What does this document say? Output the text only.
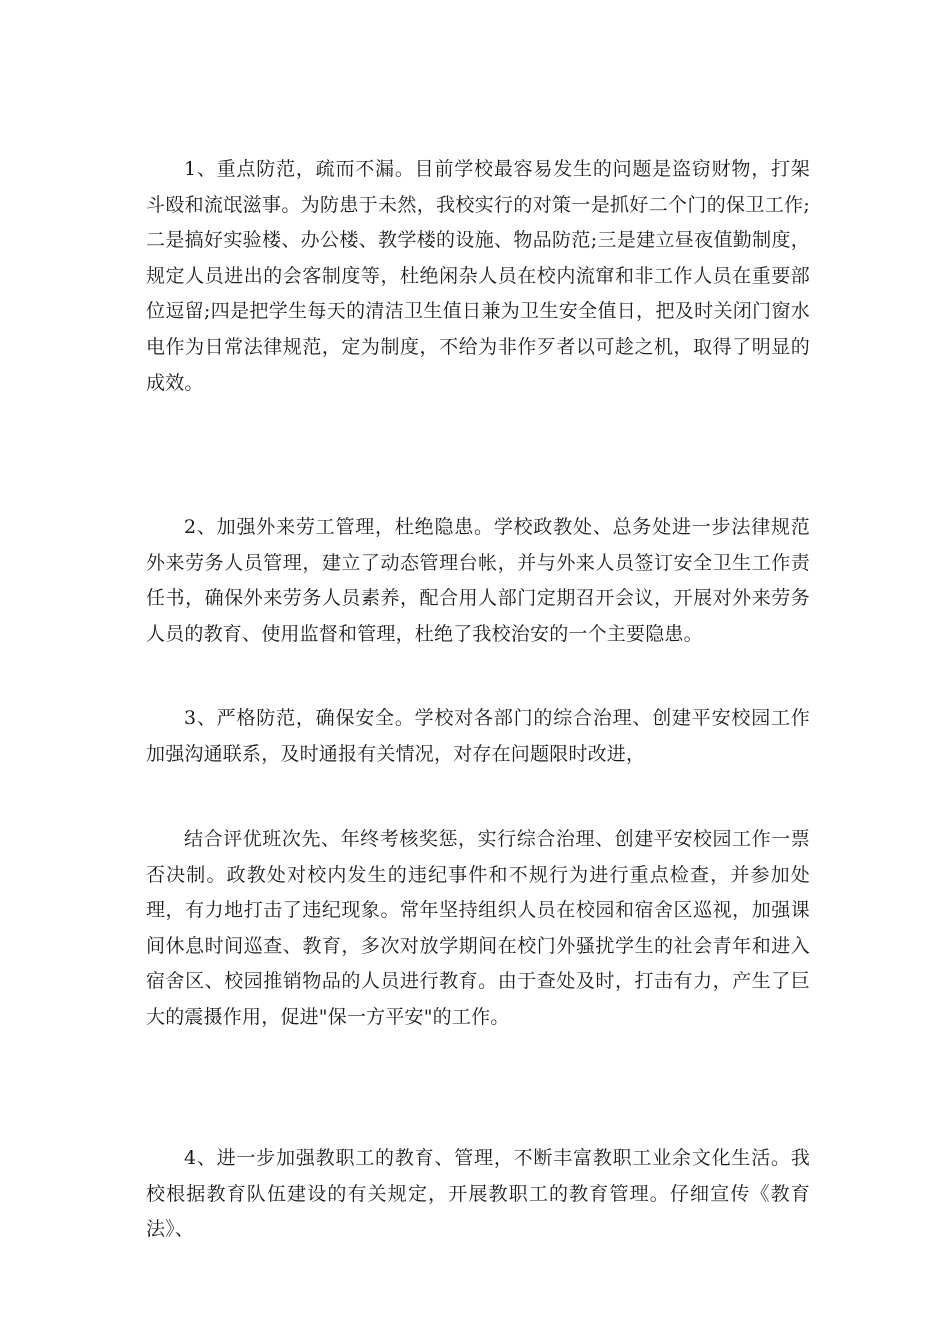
1、重点防范，疏而不漏。目前学校最容易发生的问题是盗窃财物，打架斗殴和流氓滋事。为防患于未然，我校实行的对策一是抓好二个门的保卫工作;二是搞好实验楼、办公楼、教学楼的设施、物品防范;三是建立昼夜值勤制度，规定人员进出的会客制度等，杜绝闲杂人员在校内流窜和非工作人员在重要部位逗留;四是把学生每天的清洁卫生值日兼为卫生安全值日，把及时关闭门窗水电作为日常法律规范，定为制度，不给为非作歹者以可趁之机，取得了明显的成效。

2、加强外来劳工管理，杜绝隐患。学校政教处、总务处进一步法律规范外来劳务人员管理，建立了动态管理台帐，并与外来人员签订安全卫生工作责任书，确保外来劳务人员素养，配合用人部门定期召开会议，开展对外来劳务人员的教育、使用监督和管理，杜绝了我校治安的一个主要隐患。

3、严格防范，确保安全。学校对各部门的综合治理、创建平安校园工作加强沟通联系，及时通报有关情况，对存在问题限时改进，

结合评优班次先、年终考核奖惩，实行综合治理、创建平安校园工作一票否决制。政教处对校内发生的违纪事件和不规行为进行重点检查，并参加处理，有力地打击了违纪现象。常年坚持组织人员在校园和宿舍区巡视，加强课间休息时间巡查、教育，多次对放学期间在校门外骚扰学生的社会青年和进入宿舍区、校园推销物品的人员进行教育。由于查处及时，打击有力，产生了巨大的震摄作用，促进"保一方平安"的工作。

4、进一步加强教职工的教育、管理，不断丰富教职工业余文化生活。我校根据教育队伍建设的有关规定，开展教职工的教育管理。仔细宣传《教育法》、
